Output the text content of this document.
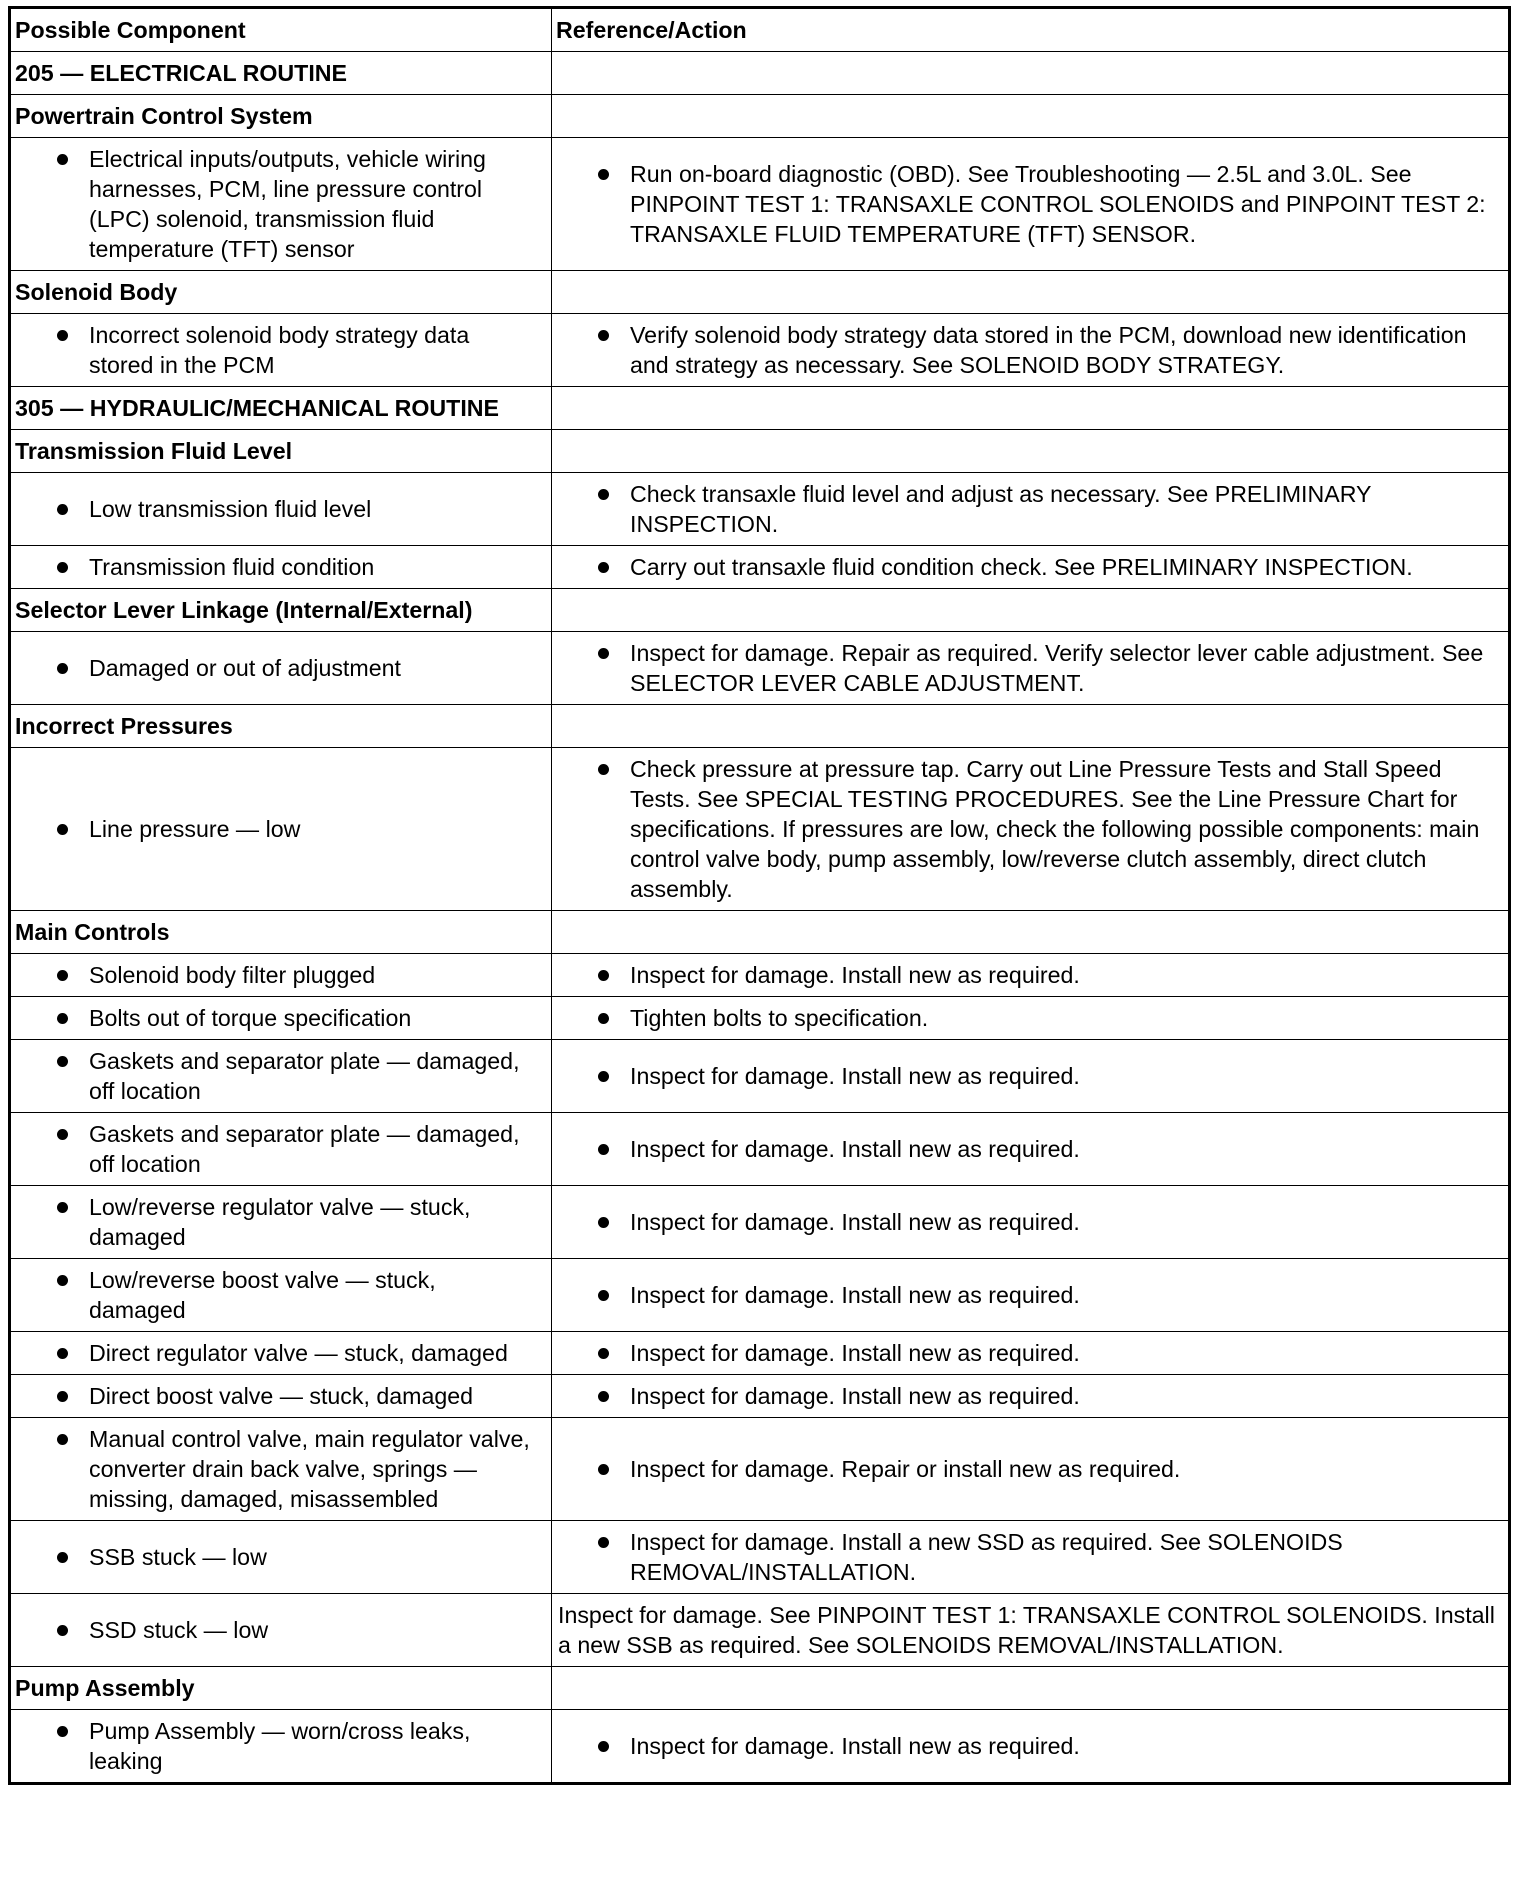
Possible Component	Reference/Action
205 — ELECTRICAL ROUTINE	
Powertrain Control System	

Electrical inputs/outputs, vehicle wiring harnesses, PCM, line pressure control (LPC) solenoid, transmission fluid temperature (TFT) sensor	Run on-board diagnostic (OBD). See Troubleshooting — 2.5L and 3.0L. See PINPOINT TEST 1: TRANSAXLE CONTROL SOLENOIDS and PINPOINT TEST 2: TRANSAXLE FLUID TEMPERATURE (TFT) SENSOR.

Solenoid Body	

Incorrect solenoid body strategy data stored in the PCM	Verify solenoid body strategy data stored in the PCM, download new identification and strategy as necessary. See SOLENOID BODY STRATEGY.

305 — HYDRAULIC/MECHANICAL ROUTINE	
Transmission Fluid Level	

Low transmission fluid level	Check transaxle fluid level and adjust as necessary. See PRELIMINARY INSPECTION.

Transmission fluid condition	Carry out transaxle fluid condition check. See PRELIMINARY INSPECTION.

Selector Lever Linkage (Internal/External)	

Damaged or out of adjustment	Inspect for damage. Repair as required. Verify selector lever cable adjustment. See SELECTOR LEVER CABLE ADJUSTMENT.

Incorrect Pressures	

Line pressure — low	Check pressure at pressure tap. Carry out Line Pressure Tests and Stall Speed Tests. See SPECIAL TESTING PROCEDURES. See the Line Pressure Chart for specifications. If pressures are low, check the following possible components: main control valve body, pump assembly, low/reverse clutch assembly, direct clutch assembly.

Main Controls	

Solenoid body filter plugged	Inspect for damage. Install new as required.

Bolts out of torque specification	Tighten bolts to specification.

Gaskets and separator plate — damaged, off location	Inspect for damage. Install new as required.

Gaskets and separator plate — damaged, off location	Inspect for damage. Install new as required.

Low/reverse regulator valve — stuck, damaged	Inspect for damage. Install new as required.

Low/reverse boost valve — stuck, damaged	Inspect for damage. Install new as required.

Direct regulator valve — stuck, damaged	Inspect for damage. Install new as required.

Direct boost valve — stuck, damaged	Inspect for damage. Install new as required.

Manual control valve, main regulator valve, converter drain back valve, springs — missing, damaged, misassembled	Inspect for damage. Repair or install new as required.

SSB stuck — low	Inspect for damage. Install a new SSD as required. See SOLENOIDS REMOVAL/INSTALLATION.

SSD stuck — low	Inspect for damage. See PINPOINT TEST 1: TRANSAXLE CONTROL SOLENOIDS. Install a new SSB as required. See SOLENOIDS REMOVAL/INSTALLATION.

Pump Assembly	

Pump Assembly — worn/cross leaks, leaking	Inspect for damage. Install new as required.
